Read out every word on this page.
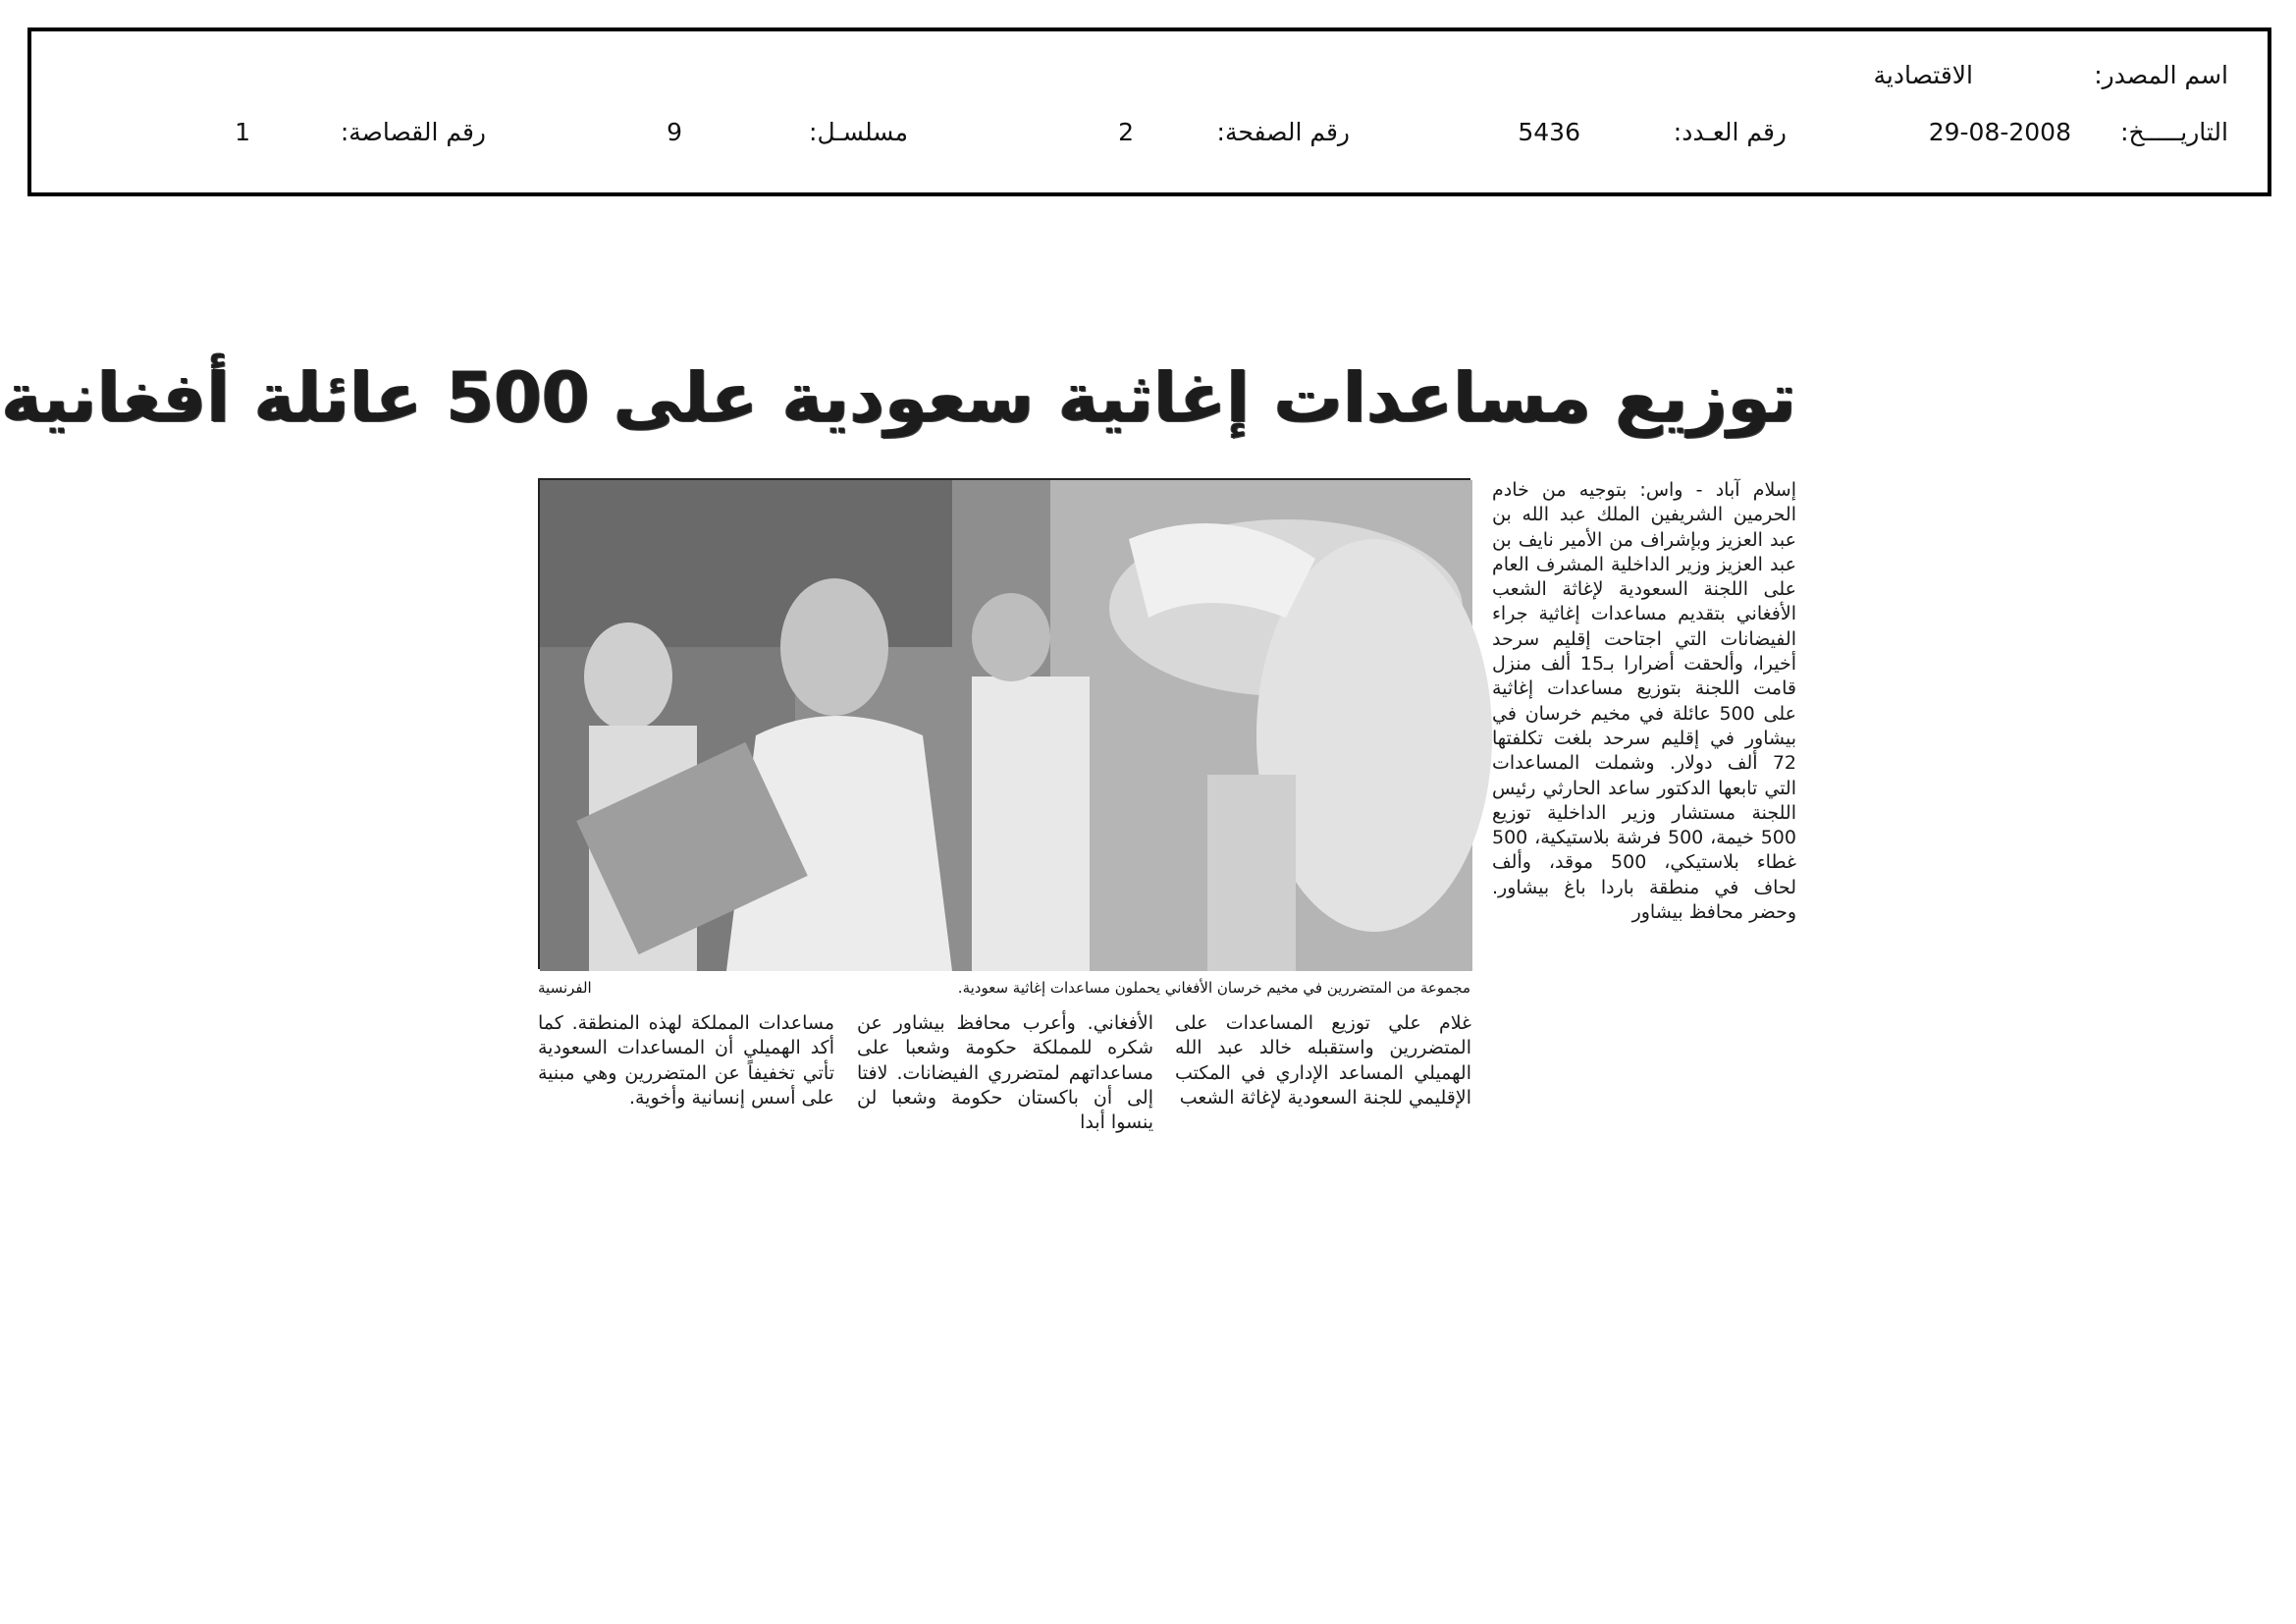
اسم المصدر:
الاقتصادية
التاريـــــخ:
29-08-2008
رقم العـدد:
5436
رقم الصفحة:
2
مسلسـل:
9
رقم القصاصة:
1
توزيع مساعدات إغاثية سعودية على 500 عائلة أفغانية
إسلام آباد - واس: بتوجيه من خادم الحرمين الشريفين الملك عبد الله بن عبد العزيز وبإشراف من الأمير نايف بن عبد العزيز وزير الداخلية المشرف العام على اللجنة السعودية لإغاثة الشعب الأفغاني بتقديم مساعدات إغاثية جراء الفيضانات التي اجتاحت إقليم سرحد أخيرا، وألحقت أضرارا بـ15 ألف منزل قامت اللجنة بتوزيع مساعدات إغاثية على 500 عائلة في مخيم خرسان في بيشاور في إقليم سرحد بلغت تكلفتها 72 ألف دولار. وشملت المساعدات التي تابعها الدكتور ساعد الحارثي رئيس اللجنة مستشار وزير الداخلية توزيع 500 خيمة، 500 فرشة بلاستيكية، 500 غطاء بلاستيكي، 500 موقد، وألف لحاف في منطقة باردا باغ بيشاور. وحضر محافظ بيشاور
مجموعة من المتضررين في مخيم خرسان الأفغاني يحملون مساعدات إغاثية سعودية.
الفرنسية
غلام علي توزيع المساعدات على المتضررين واستقبله خالد عبد الله الهميلي المساعد الإداري في المكتب الإقليمي للجنة السعودية لإغاثة الشعب
الأفغاني. وأعرب محافظ بيشاور عن شكره للمملكة حكومة وشعبا على مساعداتهم لمتضرري الفيضانات. لافتا إلى أن باكستان حكومة وشعبا لن ينسوا أبدا
مساعدات المملكة لهذه المنطقة. كما أكد الهميلي أن المساعدات السعودية تأتي تخفيفاً عن المتضررين وهي مبنية على أسس إنسانية وأخوية.
